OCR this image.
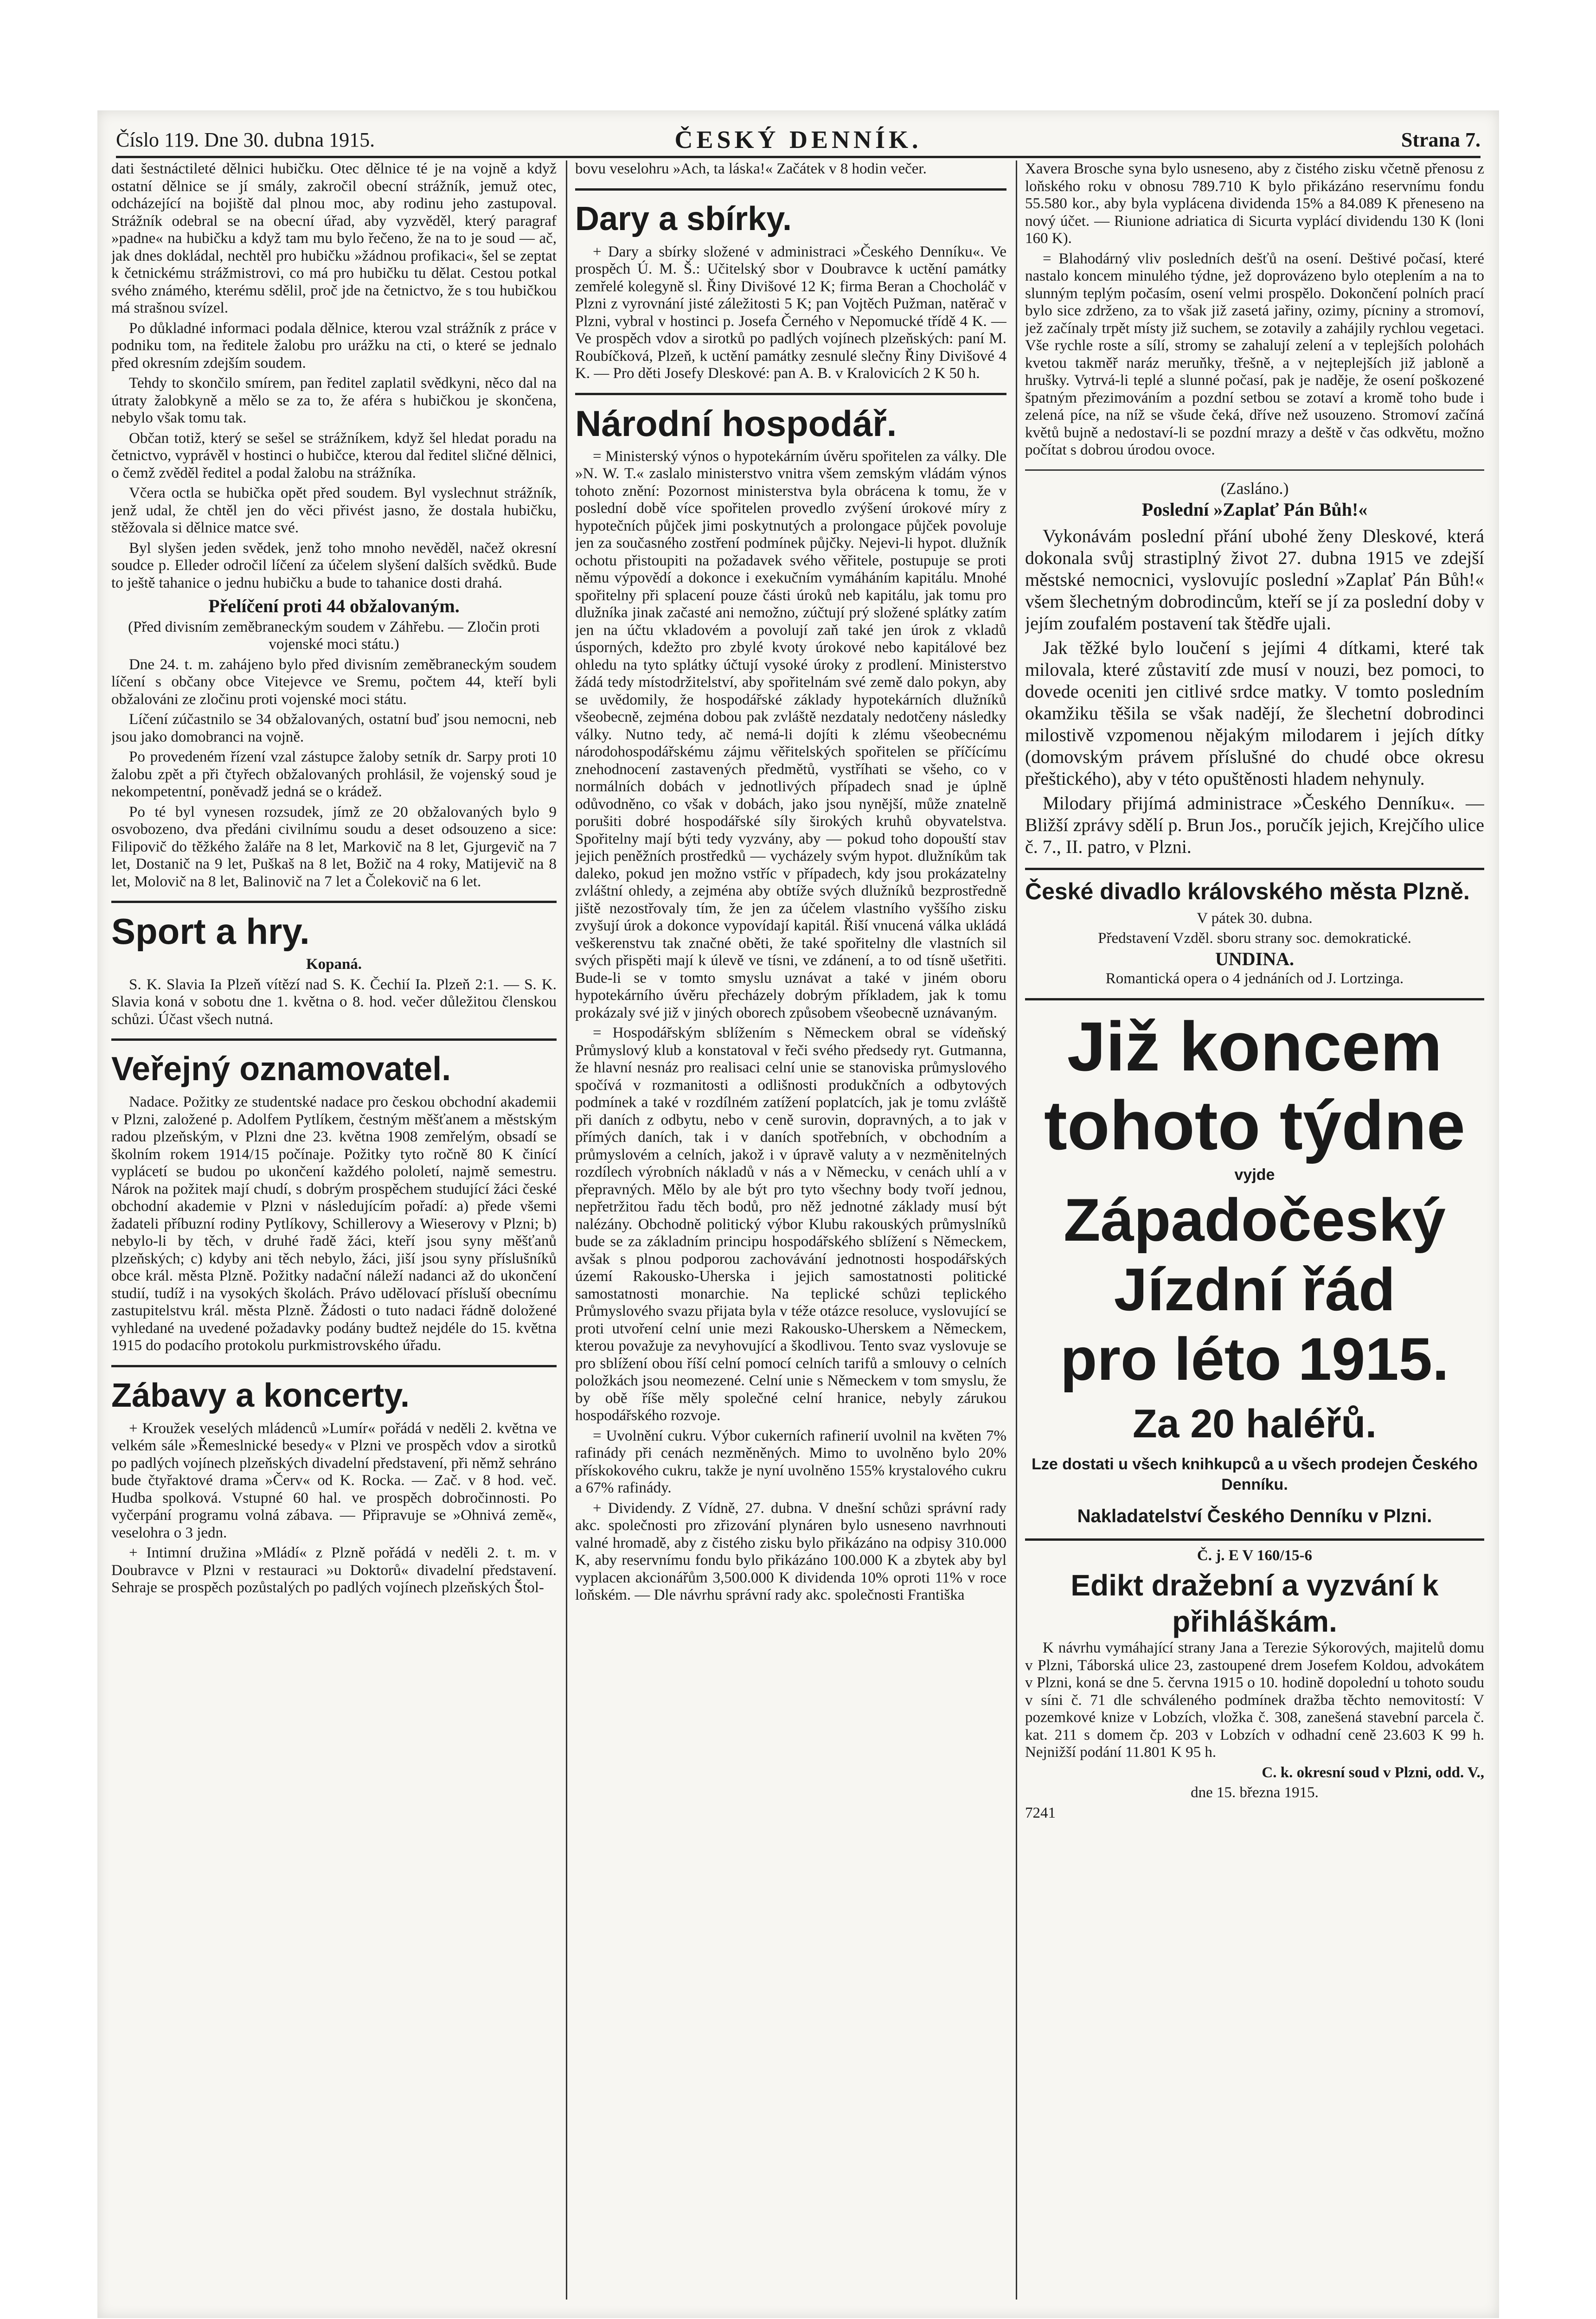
Číslo 119. Dne 30. dubna 1915.	ČESKÝ DENNÍK.	Strana 7.

dati šestnáctileté dělnici hubičku. Otec dělnice té je na vojně a když ostatní dělnice se jí smály, zakročil obecní strážník, jemuž otec, odcházející na bojiště dal plnou moc, aby rodinu jeho zastupoval. Strážník odebral se na obecní úřad, aby vyzvěděl, který paragraf »padne« na hubičku a když tam mu bylo řečeno, že na to je soud — ač, jak dnes dokládal, nechtěl pro hubičku »žádnou profikaci«, šel se zeptat k četnickému strážmistrovi, co má pro hubičku tu dělat. Cestou potkal svého známého, kterému sdělil, proč jde na četnictvo, že s tou hubičkou má strašnou svízel.

Po důkladné informaci podala dělnice, kterou vzal strážník z práce v podniku tom, na ředitele žalobu pro urážku na cti, o které se jednalo před okresním zdejším soudem.

Tehdy to skončilo smírem, pan ředitel zaplatil svědkyni, něco dal na útraty žalobkyně a mělo se za to, že aféra s hubičkou je skončena, nebylo však tomu tak.

Občan totiž, který se sešel se strážníkem, když šel hledat poradu na četnictvo, vyprávěl v hostinci o hubičce, kterou dal ředitel sličné dělnici, o čemž zvěděl ředitel a podal žalobu na strážníka.

Včera octla se hubička opět před soudem. Byl vyslechnut strážník, jenž udal, že chtěl jen do věci přivést jasno, že dostala hubičku, stěžovala si dělnice matce své.

Byl slyšen jeden svědek, jenž toho mnoho nevěděl, načež okresní soudce p. Elleder odročil líčení za účelem slyšení dalších svědků. Bude to ještě tahanice o jednu hubičku a bude to tahanice dosti drahá.

Přelíčení proti 44 obžalovaným.

(Před divisním zeměbraneckým soudem v Záhřebu. — Zločin proti vojenské moci státu.)

Dne 24. t. m. zahájeno bylo před divisním zeměbraneckým soudem líčení s občany obce Vitejevce ve Sremu, počtem 44, kteří byli obžalováni ze zločinu proti vojenské moci státu.

Líčení zúčastnilo se 34 obžalovaných, ostatní buď jsou nemocni, neb jsou jako domobranci na vojně.

Po provedeném řízení vzal zástupce žaloby setník dr. Sarpy proti 10 žalobu zpět a při čtyřech obžalovaných prohlásil, že vojenský soud je nekompetentní, poněvadž jedná se o krádež.

Po té byl vynesen rozsudek, jímž ze 20 obžalovaných bylo 9 osvobozeno, dva předáni civilnímu soudu a deset odsouzeno a sice: Filipovič do těžkého žaláře na 8 let, Markovič na 8 let, Gjurgevič na 7 let, Dostanič na 9 let, Puškaš na 8 let, Božič na 4 roky, Matijevič na 8 let, Molovič na 8 let, Balinovič na 7 let a Čolekovič na 6 let.

Sport a hry.

Kopaná.

S. K. Slavia Ia Plzeň vítězí nad S. K. Čechií Ia. Plzeň 2:1. — S. K. Slavia koná v sobotu dne 1. května o 8. hod. večer důležitou členskou schůzi. Účast všech nutná.

Veřejný oznamovatel.

Nadace. Požitky ze studentské nadace pro českou obchodní akademii v Plzni, založené p. Adolfem Pytlíkem, čestným měšťanem a městským radou plzeňským, v Plzni dne 23. května 1908 zemřelým, obsadí se školním rokem 1914/15 počínaje. Požitky tyto ročně 80 K činící vyplácetí se budou po ukončení každého pololetí, najmě semestru. Nárok na požitek mají chudí, s dobrým prospěchem studující žáci české obchodní akademie v Plzni v následujícím pořadí: a) přede všemi žadateli příbuzní rodiny Pytlíkovy, Schillerovy a Wieserovy v Plzni; b) nebylo-li by těch, v druhé řadě žáci, kteří jsou syny měšťanů plzeňských; c) kdyby ani těch nebylo, žáci, jiší jsou syny příslušníků obce král. města Plzně. Požitky nadační náleží nadanci až do ukončení studií, tudíž i na vysokých školách. Právo udělovací přísluší obecnímu zastupitelstvu král. města Plzně. Žádosti o tuto nadaci řádně doložené vyhledané na uvedené požadavky podány budtež nejdéle do 15. května 1915 do podacího protokolu purkmistrovského úřadu.

Zábavy a koncerty.

+ Kroužek veselých mládenců »Lumír« pořádá v neděli 2. května ve velkém sále »Řemeslnické besedy« v Plzni ve prospěch vdov a sirotků po padlých vojínech plzeňských divadelní představení, při němž sehráno bude čtyřaktové drama »Červ« od K. Rocka. — Zač. v 8 hod. več. Hudba spolková. Vstupné 60 hal. ve prospěch dobročinnosti. Po vyčerpání programu volná zábava. — Připravuje se »Ohnivá země«, veselohra o 3 jedn.

+ Intimní družina »Mládí« z Plzně pořádá v neděli 2. t. m. v Doubravce v Plzni v restauraci »u Doktorů« divadelní představení. Sehraje se prospěch pozůstalých po padlých vojínech plzeňských Štol-

bovu veselohru »Ach, ta láska!« Začátek v 8 hodin večer.

Dary a sbírky.

+ Dary a sbírky složené v administraci »Českého Denníku«. Ve prospěch Ú. M. Š.: Učitelský sbor v Doubravce k uctění památky zemřelé kolegyně sl. Řiny Divišové 12 K; firma Beran a Chocholáč v Plzni z vyrovnání jisté záležitosti 5 K; pan Vojtěch Pužman, natěrač v Plzni, vybral v hostinci p. Josefa Černého v Nepomucké třídě 4 K. — Ve prospěch vdov a sirotků po padlých vojínech plzeňských: paní M. Roubíčková, Plzeň, k uctění památky zesnulé slečny Řiny Divišové 4 K. — Pro děti Josefy Dleskové: pan A. B. v Kralovicích 2 K 50 h.

Národní hospodář.

= Ministerský výnos o hypotekárním úvěru spořitelen za války. Dle »N. W. T.« zaslalo ministerstvo vnitra všem zemským vládám výnos tohoto znění: Pozornost ministerstva byla obrácena k tomu, že v poslední době více spořitelen provedlo zvýšení úrokové míry z hypotečních půjček jimi poskytnutých a prolongace půjček povoluje jen za současného zostření podmínek půjčky. Nejevi-li hypot. dlužník ochotu přistoupiti na požadavek svého věřitele, postupuje se proti němu výpovědí a dokonce i exekučním vymáháním kapitálu. Mnohé spořitelny při splacení pouze části úroků neb kapitálu, jak tomu pro dlužníka jinak začasté ani nemožno, zúčtují prý složené splátky zatím jen na účtu vkladovém a povolují zaň také jen úrok z vkladů úsporných, kdežto pro zbylé kvoty úrokové nebo kapitálové bez ohledu na tyto splátky účtují vysoké úroky z prodlení. Ministerstvo žádá tedy místodržitelství, aby spořitelnám své země dalo pokyn, aby se uvědomily, že hospodářské základy hypotekárních dlužníků všeobecně, zejména dobou pak zvláště nezdataly nedotčeny následky války. Nutno tedy, ač nemá-li dojíti k zlému všeobecnému národohospodářskému zájmu věřitelských spořitelen se příčícímu znehodnocení zastavených předmětů, vystříhati se všeho, co v normálních dobách v jednotlivých případech snad je úplně odůvodněno, co však v dobách, jako jsou nynější, může znatelně porušiti dobré hospodářské síly širokých kruhů obyvatelstva. Spořitelny mají býti tedy vyzvány, aby — pokud toho dopouští stav jejich peněžních prostředků — vycházely svým hypot. dlužníkům tak daleko, pokud jen možno vstříc v případech, kdy jsou prokázatelny zvláštní ohledy, a zejména aby obtíže svých dlužníků bezprostředně jiště nezostřovaly tím, že jen za účelem vlastního vyššího zisku zvyšují úrok a dokonce vypovídají kapitál. Řiší vnucená válka ukládá veškerenstvu tak značné oběti, že také spořitelny dle vlastních sil svých přispěti mají k úlevě ve tísni, ve zdánení, a to od tísně ušetřiti. Bude-li se v tomto smyslu uznávat a také v jiném oboru hypotekárního úvěru přecházely dobrým příkladem, jak k tomu prokázaly své již v jiných oborech způsobem všeobecně uznávaným.

= Hospodářským sblížením s Německem obral se vídeňský Průmyslový klub a konstatoval v řeči svého předsedy ryt. Gutmanna, že hlavní nesnáz pro realisaci celní unie se stanoviska průmyslového spočívá v rozmanitosti a odlišnosti produkčních a odbytových podmínek a také v rozdílném zatížení poplatcích, jak je tomu zvláště při daních z odbytu, nebo v ceně surovin, dopravných, a to jak v přímých daních, tak i v daních spotřebních, v obchodním a průmyslovém a celních, jakož i v úpravě valuty a v nezměnitelných rozdílech výrobních nákladů v nás a v Německu, v cenách uhlí a v přepravných. Mělo by ale být pro tyto všechny body tvoří jednou, nepřetržitou řadu těch bodů, pro něž jednotné základy musí být nalézány. Obchodně politický výbor Klubu rakouských průmyslníků bude se za základním principu hospodářského sblížení s Německem, avšak s plnou podporou zachovávání jednotnosti hospodářských území Rakousko-Uherska i jejich samostatnosti politické samostatnosti monarchie. Na teplické schůzi teplického Průmyslového svazu přijata byla v téže otázce resoluce, vyslovující se proti utvoření celní unie mezi Rakousko-Uherskem a Německem, kterou považuje za nevyhovující a škodlivou. Tento svaz vyslovuje se pro sblížení obou říší celní pomocí celních tarifů a smlouvy o celních položkách jsou neomezené. Celní unie s Německem v tom smyslu, že by obě říše měly společné celní hranice, nebyly zárukou hospodářského rozvoje.

= Uvolnění cukru. Výbor cukerních rafinerií uvolnil na květen 7% rafinády při cenách nezměněných. Mimo to uvolněno bylo 20% přískokového cukru, takže je nyní uvolněno 155% krystalového cukru a 67% rafinády.

+ Dividendy. Z Vídně, 27. dubna. V dnešní schůzi správní rady akc. společnosti pro zřizování plynáren bylo usneseno navrhnouti valné hromadě, aby z čistého zisku bylo přikázáno na odpisy 310.000 K, aby reservnímu fondu bylo přikázáno 100.000 K a zbytek aby byl vyplacen akcionářům 3,500.000 K dividenda 10% oproti 11% v roce loňském. — Dle návrhu správní rady akc. společnosti Františka

Xavera Brosche syna bylo usneseno, aby z čistého zisku včetně přenosu z loňského roku v obnosu 789.710 K bylo přikázáno reservnímu fondu 55.580 kor., aby byla vyplácena dividenda 15% a 84.089 K přeneseno na nový účet. — Riunione adriatica di Sicurta vyplácí dividendu 130 K (loni 160 K).

= Blahodárný vliv posledních dešťů na osení. Deštivé počasí, které nastalo koncem minulého týdne, jež doprovázeno bylo oteplením a na to slunným teplým počasím, osení velmi prospělo. Dokončení polních prací bylo sice zdrženo, za to však již zasetá jařiny, ozimy, pícniny a stromoví, jež začínaly trpět místy již suchem, se zotavily a zahájily rychlou vegetaci. Vše rychle roste a sílí, stromy se zahalují zelení a v teplejších polohách kvetou takměř naráz meruňky, třešně, a v nejteplejších již jabloně a hrušky. Vytrvá-li teplé a slunné počasí, pak je naděje, že osení poškozené špatným přezimováním a pozdní setbou se zotaví a kromě toho bude i zelená píce, na níž se všude čeká, dříve než usouzeno. Stromoví začíná květů bujně a nedostaví-li se pozdní mrazy a deště v čas odkvětu, možno počítat s dobrou úrodou ovoce.

(Zasláno.)
Poslední »Zaplať Pán Bůh!«

Vykonávám poslední přání ubohé ženy Dleskové, která dokonala svůj strastiplný život 27. dubna 1915 ve zdejší městské nemocnici, vyslovujíc poslední »Zaplať Pán Bůh!« všem šlechetným dobrodincům, kteří se jí za poslední doby v jejím zoufalém postavení tak štědře ujali.

Jak těžké bylo loučení s jejími 4 dítkami, které tak milovala, které zůstavití zde musí v nouzi, bez pomoci, to dovede oceniti jen citlivé srdce matky. V tomto posledním okamžiku těšila se však nadějí, že šlechetní dobrodinci milostivě vzpomenou nějakým milodarem i jejích dítky (domovským právem příslušné do chudé obce okresu přeštického), aby v této opuštěnosti hladem nehynuly.

Milodary přijímá administrace »Českého Denníku«. — Bližší zprávy sdělí p. Brun Jos., poručík jejich, Krejčího ulice č. 7., II. patro, v Plzni.

České divadlo královského města Plzně.

V pátek 30. dubna.

Představení Vzděl. sboru strany soc. demokratické.

UNDINA.

Romantická opera o 4 jednáních od J. Lortzinga.

Již koncem
tohoto týdne
vyjde
Západočeský
Jízdní řád
pro léto 1915.
Za 20 haléřů.
Lze dostati u všech knihkupců a u všech prodejen Českého Denníku.
Nakladatelství Českého Denníku v Plzni.

Č. j. E V 160/15-6

Edikt dražební a vyzvání k přihláškám.

K návrhu vymáhající strany Jana a Terezie Sýkorových, majitelů domu v Plzni, Táborská ulice 23, zastoupené drem Josefem Koldou, advokátem v Plzni, koná se dne 5. června 1915 o 10. hodině dopolední u tohoto soudu v síni č. 71 dle schváleného podmínek dražba těchto nemovitostí: V pozemkové knize v Lobzích, vložka č. 308, zanešená stavební parcela č. kat. 211 s domem čp. 203 v Lobzích v odhadní ceně 23.603 K 99 h. Nejnižší podání 11.801 K 95 h.

C. k. okresní soud v Plzni, odd. V.,

dne 15. března 1915.

7241
